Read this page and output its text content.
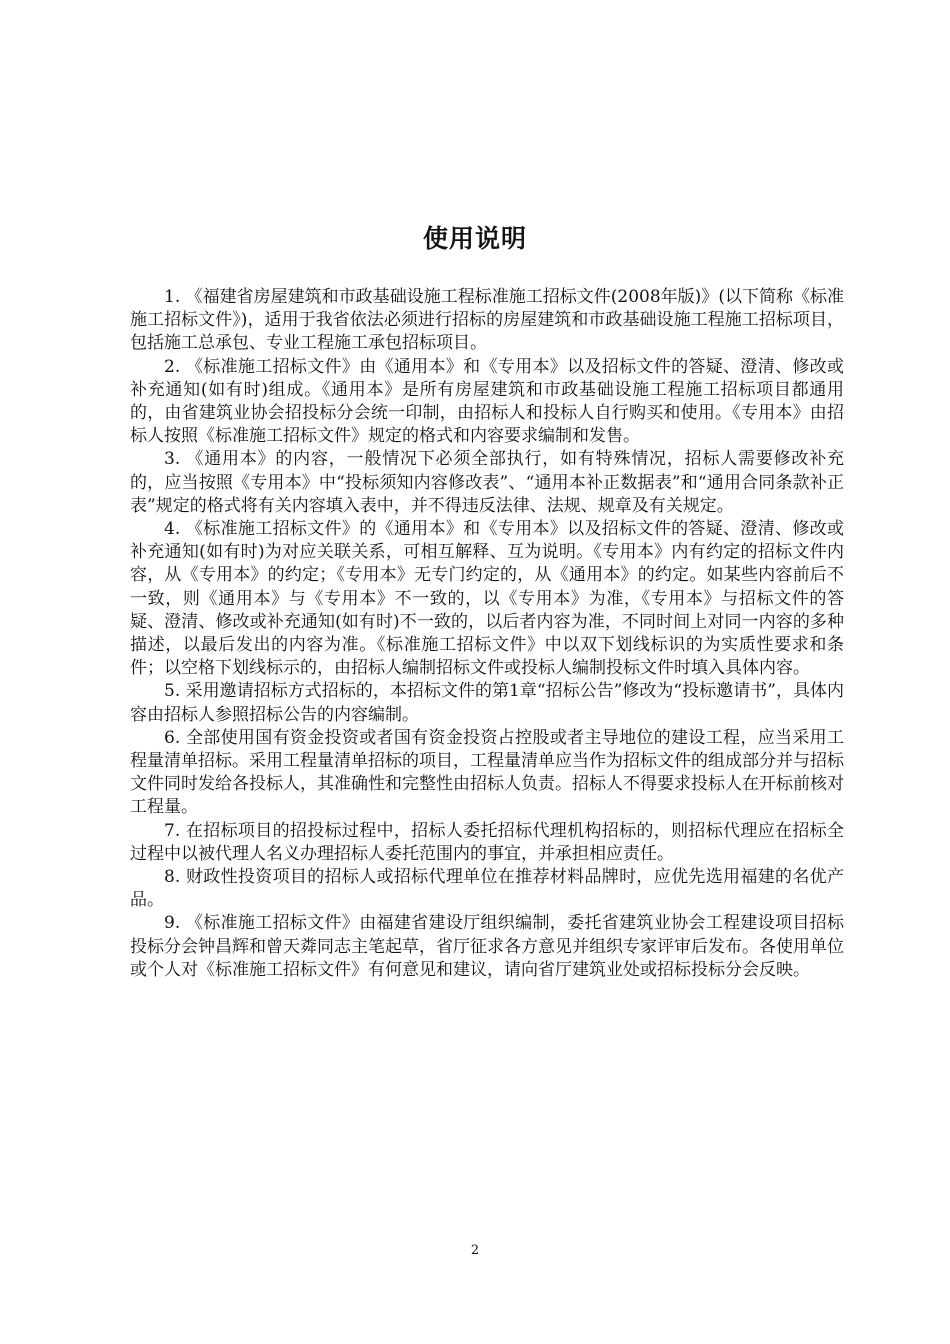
使用说明

1. 《福建省房屋建筑和市政基础设施工程标准施工招标文件(2008年版)》(以下简称《标准施工招标文件》)，适用于我省依法必须进行招标的房屋建筑和市政基础设施工程施工招标项目，包括施工总承包、专业工程施工承包招标项目。

2. 《标准施工招标文件》由《通用本》和《专用本》以及招标文件的答疑、澄清、修改或补充通知(如有时)组成。《通用本》是所有房屋建筑和市政基础设施工程施工招标项目都通用的，由省建筑业协会招投标分会统一印制，由招标人和投标人自行购买和使用。《专用本》由招标人按照《标准施工招标文件》规定的格式和内容要求编制和发售。

3. 《通用本》的内容，一般情况下必须全部执行，如有特殊情况，招标人需要修改补充的，应当按照《专用本》中“投标须知内容修改表”、“通用本补正数据表”和“通用合同条款补正表”规定的格式将有关内容填入表中，并不得违反法律、法规、规章及有关规定。

4. 《标准施工招标文件》的《通用本》和《专用本》以及招标文件的答疑、澄清、修改或补充通知(如有时)为对应关联关系，可相互解释、互为说明。《专用本》内有约定的招标文件内容，从《专用本》的约定；《专用本》无专门约定的，从《通用本》的约定。如某些内容前后不一致，则《通用本》与《专用本》不一致的，以《专用本》为准，《专用本》与招标文件的答疑、澄清、修改或补充通知(如有时)不一致的，以后者内容为准，不同时间上对同一内容的多种描述，以最后发出的内容为准。《标准施工招标文件》中以双下划线标识的为实质性要求和条件；以空格下划线标示的，由招标人编制招标文件或投标人编制投标文件时填入具体内容。

5. 采用邀请招标方式招标的，本招标文件的第1章“招标公告”修改为“投标邀请书”，具体内容由招标人参照招标公告的内容编制。

6. 全部使用国有资金投资或者国有资金投资占控股或者主导地位的建设工程，应当采用工程量清单招标。采用工程量清单招标的项目，工程量清单应当作为招标文件的组成部分并与招标文件同时发给各投标人，其准确性和完整性由招标人负责。招标人不得要求投标人在开标前核对工程量。

7. 在招标项目的招投标过程中，招标人委托招标代理机构招标的，则招标代理应在招标全过程中以被代理人名义办理招标人委托范围内的事宜，并承担相应责任。

8. 财政性投资项目的招标人或招标代理单位在推荐材料品牌时，应优先选用福建的名优产品。

9. 《标准施工招标文件》由福建省建设厅组织编制，委托省建筑业协会工程建设项目招标投标分会钟昌辉和曾天粦同志主笔起草，省厅征求各方意见并组织专家评审后发布。各使用单位或个人对《标准施工招标文件》有何意见和建议，请向省厅建筑业处或招标投标分会反映。

2
